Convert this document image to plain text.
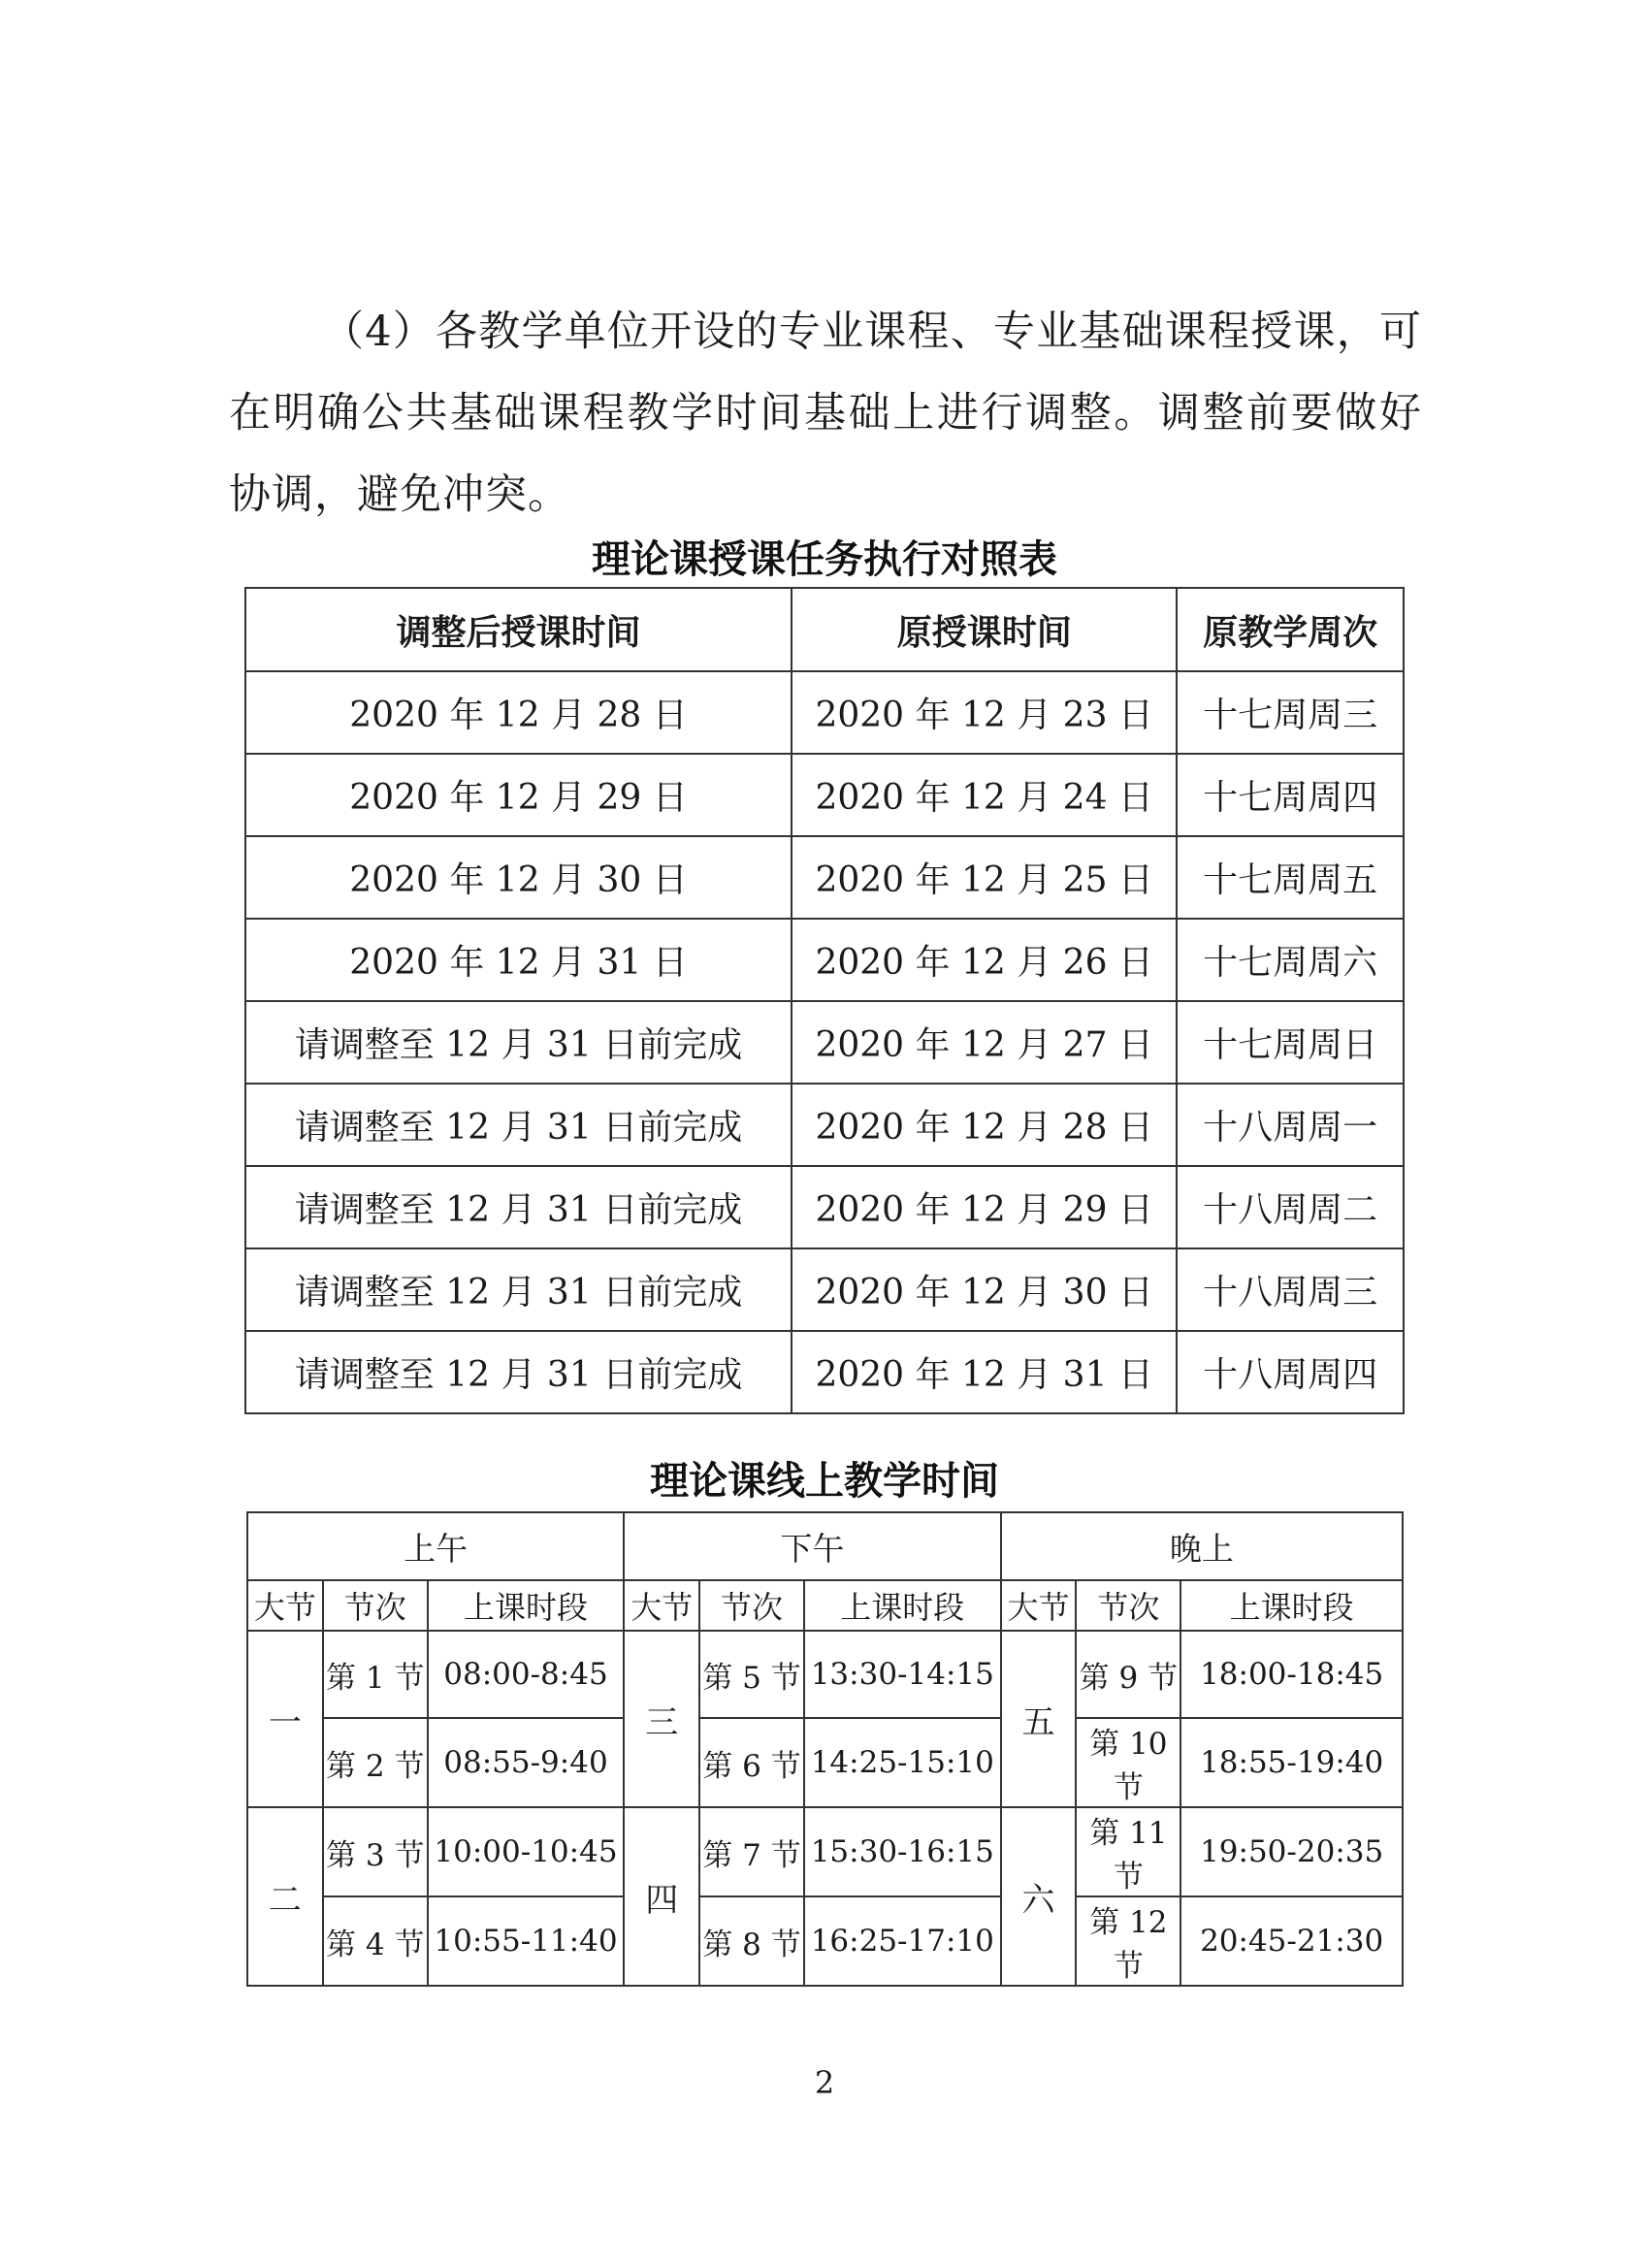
（4）各教学单位开设的专业课程、专业基础课程授课，可在明确公共基础课程教学时间基础上进行调整。调整前要做好协调，避免冲突。

理论课授课任务执行对照表
调整后授课时间	原授课时间	原教学周次
2020 年 12 月 28 日	2020 年 12 月 23 日	十七周周三
2020 年 12 月 29 日	2020 年 12 月 24 日	十七周周四
2020 年 12 月 30 日	2020 年 12 月 25 日	十七周周五
2020 年 12 月 31 日	2020 年 12 月 26 日	十七周周六
请调整至 12 月 31 日前完成	2020 年 12 月 27 日	十七周周日
请调整至 12 月 31 日前完成	2020 年 12 月 28 日	十八周周一
请调整至 12 月 31 日前完成	2020 年 12 月 29 日	十八周周二
请调整至 12 月 31 日前完成	2020 年 12 月 30 日	十八周周三
请调整至 12 月 31 日前完成	2020 年 12 月 31 日	十八周周四
理论课线上教学时间
上午			下午			晚上		
大节	节次	上课时段	大节	节次	上课时段	大节	节次	上课时段
一	第 1 节	08:00-8:45	三	第 5 节	13:30-14:15	五	第 9 节	18:00-18:45
	第 2 节	08:55-9:40		第 6 节	14:25-15:10		第 10 节	18:55-19:40
二	第 3 节	10:00-10:45	四	第 7 节	15:30-16:15	六	第 11 节	19:50-20:35
	第 4 节	10:55-11:40		第 8 节	16:25-17:10		第 12 节	20:45-21:30
2
